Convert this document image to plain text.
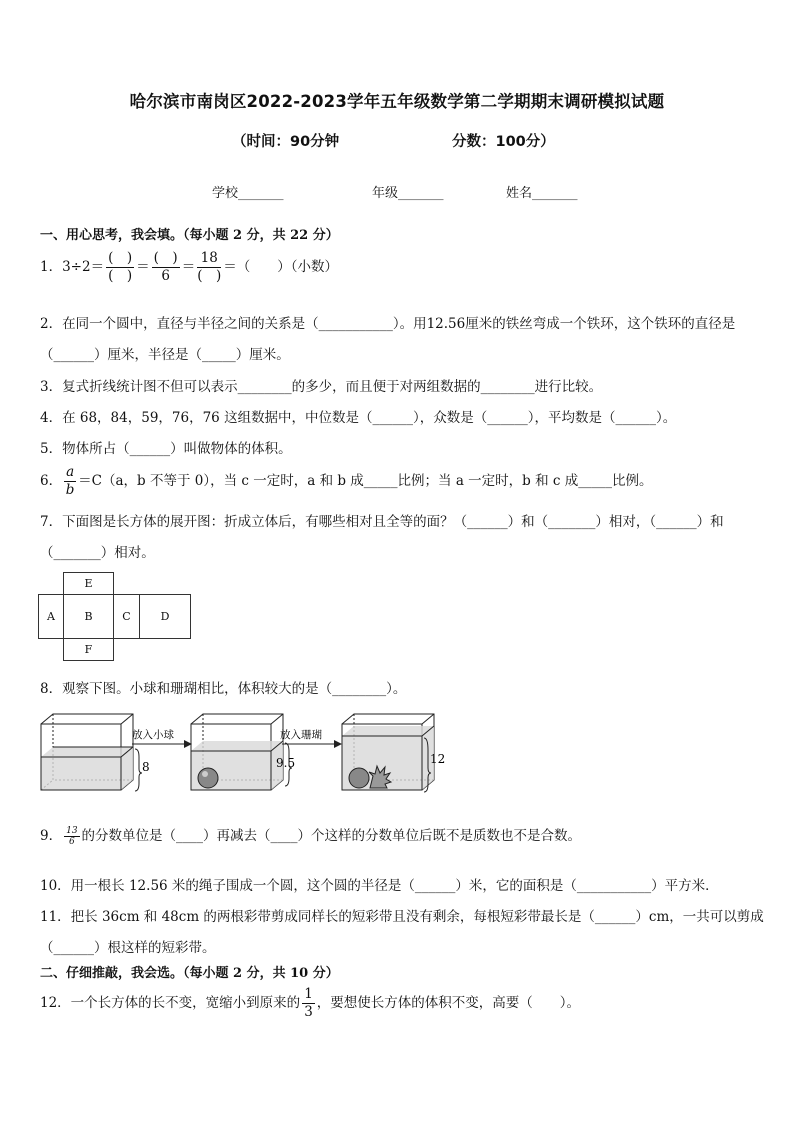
哈尔滨市南岗区2022-2023学年五年级数学第二学期期末调研模拟试题
（时间：90分钟	分数：100分）
学校_______	年级_______	姓名_______
一、用心思考，我会填。（每小题 2 分，共 22 分）
1．$3\div 2= \frac{( )}{( )} = \frac{( )}{6} = \frac{18}{( )}$ ＝（　　）（小数）
2．在同一个圆中，直径与半径之间的关系是（___________）。用12.56厘米的铁丝弯成一个铁环，这个铁环的直径是
（______）厘米，半径是（_____）厘米。
3．复式折线统计图不但可以表示________的多少，而且便于对两组数据的________进行比较。
4．在 68，84，59，76，76 这组数据中，中位数是（______），众数是（______），平均数是（______）。
5．物体所占（______）叫做物体的体积。
6． $\frac{a}{b} =C(a$，b 不等于 0），当 c 一定时，a 和 b 成_____比例；当 a 一定时，b 和 c 成_____比例。
7．下面图是长方体的展开图：折成立体后，有哪些相对且全等的面？（______）和（_______）相对，（______）和
（_______）相对。
E
A	B	C	D
F
8．观察下图。小球和珊瑚相比，体积较大的是（________）。
8
放入小球
9.5
放入珊瑚
12
9． $\frac{13}{6}$ 的分数单位是（____）再减去（____）个这样的分数单位后既不是质数也不是合数。
10．用一根长 12.56 米的绳子围成一个圆，这个圆的半径是（______）米，它的面积是（___________）平方米．
11．把长 36cm 和 48cm 的两根彩带剪成同样长的短彩带且没有剩余，每根短彩带最长是（______）cm，一共可以剪成
（______）根这样的短彩带。
二、仔细推敲，我会选。（每小题 2 分，共 10 分）
12．一个长方体的长不变，宽缩小到原来的 $\frac{1}{3}$ ，要想使长方体的体积不变，高要（　　）。
